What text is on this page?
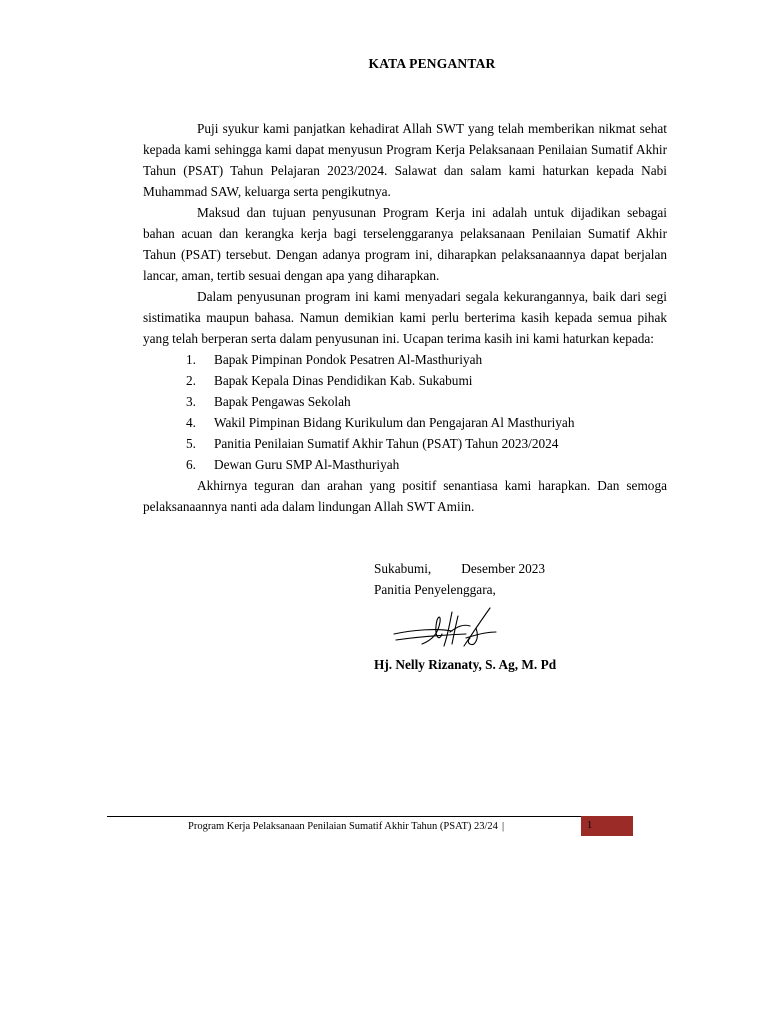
KATA PENGANTAR

Puji syukur kami panjatkan kehadirat Allah SWT yang telah memberikan nikmat sehat kepada kami sehingga kami dapat menyusun Program Kerja Pelaksanaan Penilaian Sumatif Akhir Tahun (PSAT) Tahun Pelajaran 2023/2024. Salawat dan salam kami haturkan kepada Nabi Muhammad SAW, keluarga serta pengikutnya.

Maksud dan tujuan penyusunan Program Kerja ini adalah untuk dijadikan sebagai bahan acuan dan kerangka kerja bagi terselenggaranya pelaksanaan Penilaian Sumatif Akhir Tahun (PSAT) tersebut. Dengan adanya program ini, diharapkan pelaksanaannya dapat berjalan lancar, aman, tertib sesuai dengan apa yang diharapkan.

Dalam penyusunan program ini kami menyadari segala kekurangannya, baik dari segi sistimatika maupun bahasa. Namun demikian kami perlu berterima kasih kepada semua pihak yang telah berperan serta dalam penyusunan ini. Ucapan terima kasih ini kami haturkan kepada:

1. Bapak Pimpinan Pondok Pesatren Al-Masthuriyah
2. Bapak Kepala Dinas Pendidikan Kab. Sukabumi
3. Bapak Pengawas Sekolah
4. Wakil Pimpinan Bidang Kurikulum dan Pengajaran Al Masthuriyah
5. Panitia Penilaian Sumatif Akhir Tahun (PSAT) Tahun 2023/2024
6. Dewan Guru SMP Al-Masthuriyah

Akhirnya teguran dan arahan yang positif senantiasa kami harapkan. Dan semoga pelaksanaannya nanti ada dalam lindungan Allah SWT Amiin.

Sukabumi, Desember 2023
Panitia Penyelenggara,
Hj. Nelly Rizanaty, S. Ag, M. Pd
Program Kerja Pelaksanaan Penilaian Sumatif Akhir Tahun (PSAT) 23/24 |	1
